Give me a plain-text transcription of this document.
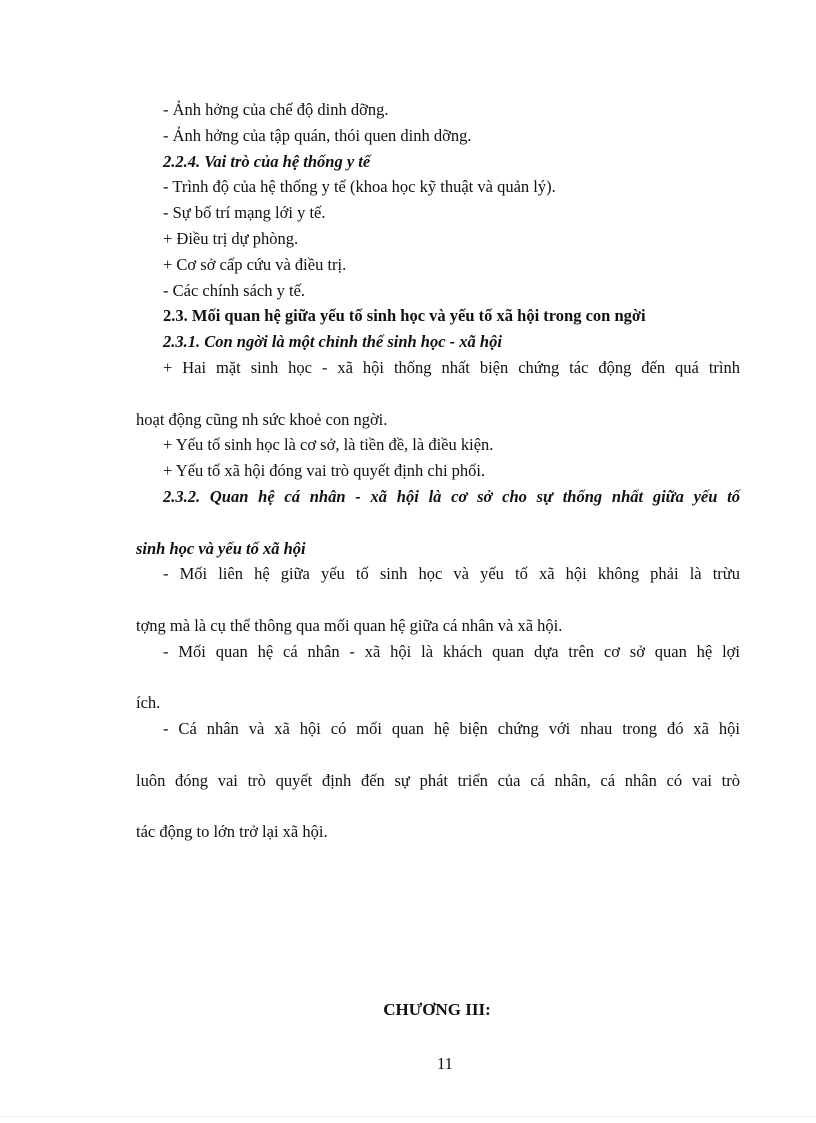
- Ảnh hởng của chế độ dinh dỡng.
- Ảnh hởng của tập quán, thói quen dinh dỡng.
2.2.4. Vai trò của hệ thống y tế
- Trình độ của hệ thống y tế (khoa học kỹ thuật và quản lý).
- Sự bố trí mạng lới y tế.
+ Điều trị dự phòng.
+ Cơ sở cấp cứu và điều trị.
- Các chính sách y tế.
2.3. Mối quan hệ giữa yếu tố sinh học và yếu tố xã hội trong con ngời
2.3.1. Con ngời là một chỉnh thể sinh học - xã hội
+ Hai mặt sinh học - xã hội thống nhất biện chứng tác động đến quá trình
hoạt động cũng nh sức khoẻ con ngời.
+ Yếu tố sinh học là cơ sở, là tiền đề, là điều kiện.
+ Yếu tố xã hội đóng vai trò quyết định chi phối.
2.3.2. Quan hệ cá nhân - xã hội là cơ sở cho sự thống nhất giữa yếu tố
sinh học và yếu tố xã hội
- Mối liên hệ giữa yếu tố sinh học và yếu tố xã hội không phải là trừu
tợng mà là cụ thể thông qua mối quan hệ giữa cá nhân và xã hội.
- Mối quan hệ cá nhân - xã hội là khách quan dựa trên cơ sở quan hệ lợi
ích.
- Cá nhân và xã hội có mối quan hệ biện chứng với nhau trong đó xã hội
luôn đóng vai trò quyết định đến sự phát triển của cá nhân, cá nhân có vai trò
tác động to lớn trở lại xã hội.
CHƯƠNG III:
11
